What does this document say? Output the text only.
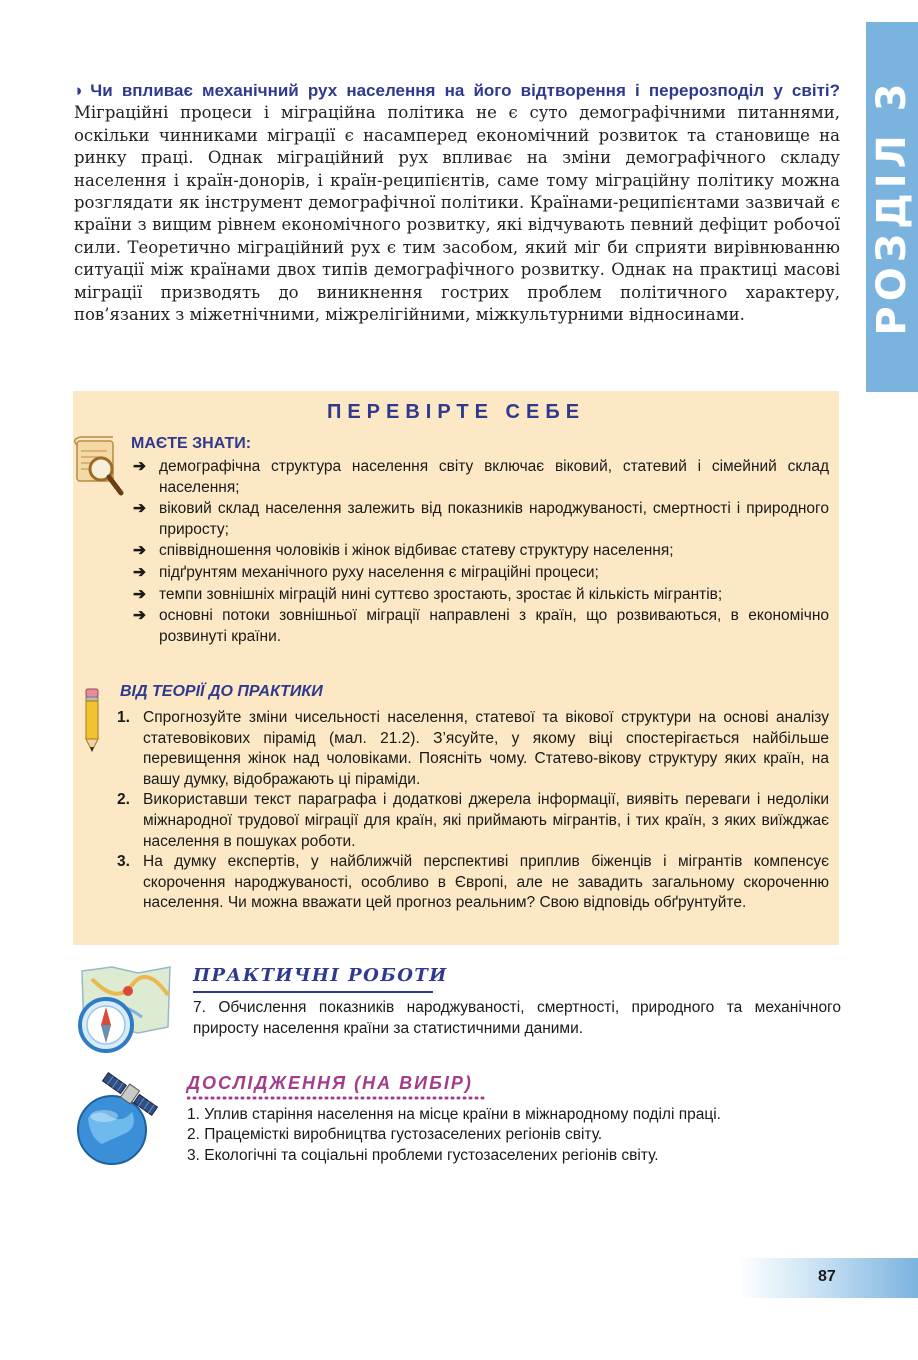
РОЗДІЛ 3
◗ Чи впливає механічний рух населення на його відтворення і перерозподіл у світі? Міграційні процеси і міграційна політика не є суто демографічними питаннями, оскільки чинниками міграції є насамперед економічний розвиток та становище на ринку праці. Однак міграційний рух впливає на зміни демографічного складу населення і країн-донорів, і країн-реципієнтів, саме тому міграційну політику можна розглядати як інструмент демографічної політики. Країнами-реципієнтами зазвичай є країни з вищим рівнем економічного розвитку, які відчувають певний дефіцит робочої сили. Теоретично міграційний рух є тим засобом, який міг би сприяти вирівнюванню ситуації між країнами двох типів демографічного розвитку. Однак на практиці масові міграції призводять до виникнення гострих проблем політичного характеру, пов’язаних з міжетнічними, міжрелігійними, міжкультурними відносинами.
ПЕРЕВІРТЕ СЕБЕ
МАЄТЕ ЗНАТИ:
➔ демографічна структура населення світу включає віковий, статевий і сімейний склад населення;
➔ віковий склад населення залежить від показників народжуваності, смертності і природного приросту;
➔ співвідношення чоловіків і жінок відбиває статеву структуру населення;
➔ підґрунтям механічного руху населення є міграційні процеси;
➔ темпи зовнішніх міграцій нині суттєво зростають, зростає й кількість мігрантів;
➔ основні потоки зовнішньої міграції направлені з країн, що розвиваються, в економічно розвинуті країни.
ВІД ТЕОРІЇ ДО ПРАКТИКИ
1. Спрогнозуйте зміни чисельності населення, статевої та вікової структури на основі аналізу статевовікових пірамід (мал. 21.2). З’ясуйте, у якому віці спостерігається найбільше перевищення жінок над чоловіками. Поясніть чому. Статево-вікову структуру яких країн, на вашу думку, відображають ці піраміди.
2. Використавши текст параграфа і додаткові джерела інформації, виявіть переваги і недоліки міжнародної трудової міграції для країн, які приймають мігрантів, і тих країн, з яких виїжджає населення в пошуках роботи.
3. На думку експертів, у найближчій перспективі приплив біженців і мігрантів компенсує скорочення народжуваності, особливо в Європі, але не завадить загальному скороченню населення. Чи можна вважати цей прогноз реальним? Свою відповідь обґрунтуйте.
ПРАКТИЧНІ РОБОТИ
7. Обчислення показників народжуваності, смертності, природного та механічного приросту населення країни за статистичними даними.
ДОСЛІДЖЕННЯ (НА ВИБІР)
1. Уплив старіння населення на місце країни в міжнародному поділі праці.
2. Працемісткі виробництва густозаселених регіонів світу.
3. Екологічні та соціальні проблеми густозаселених регіонів світу.
87
